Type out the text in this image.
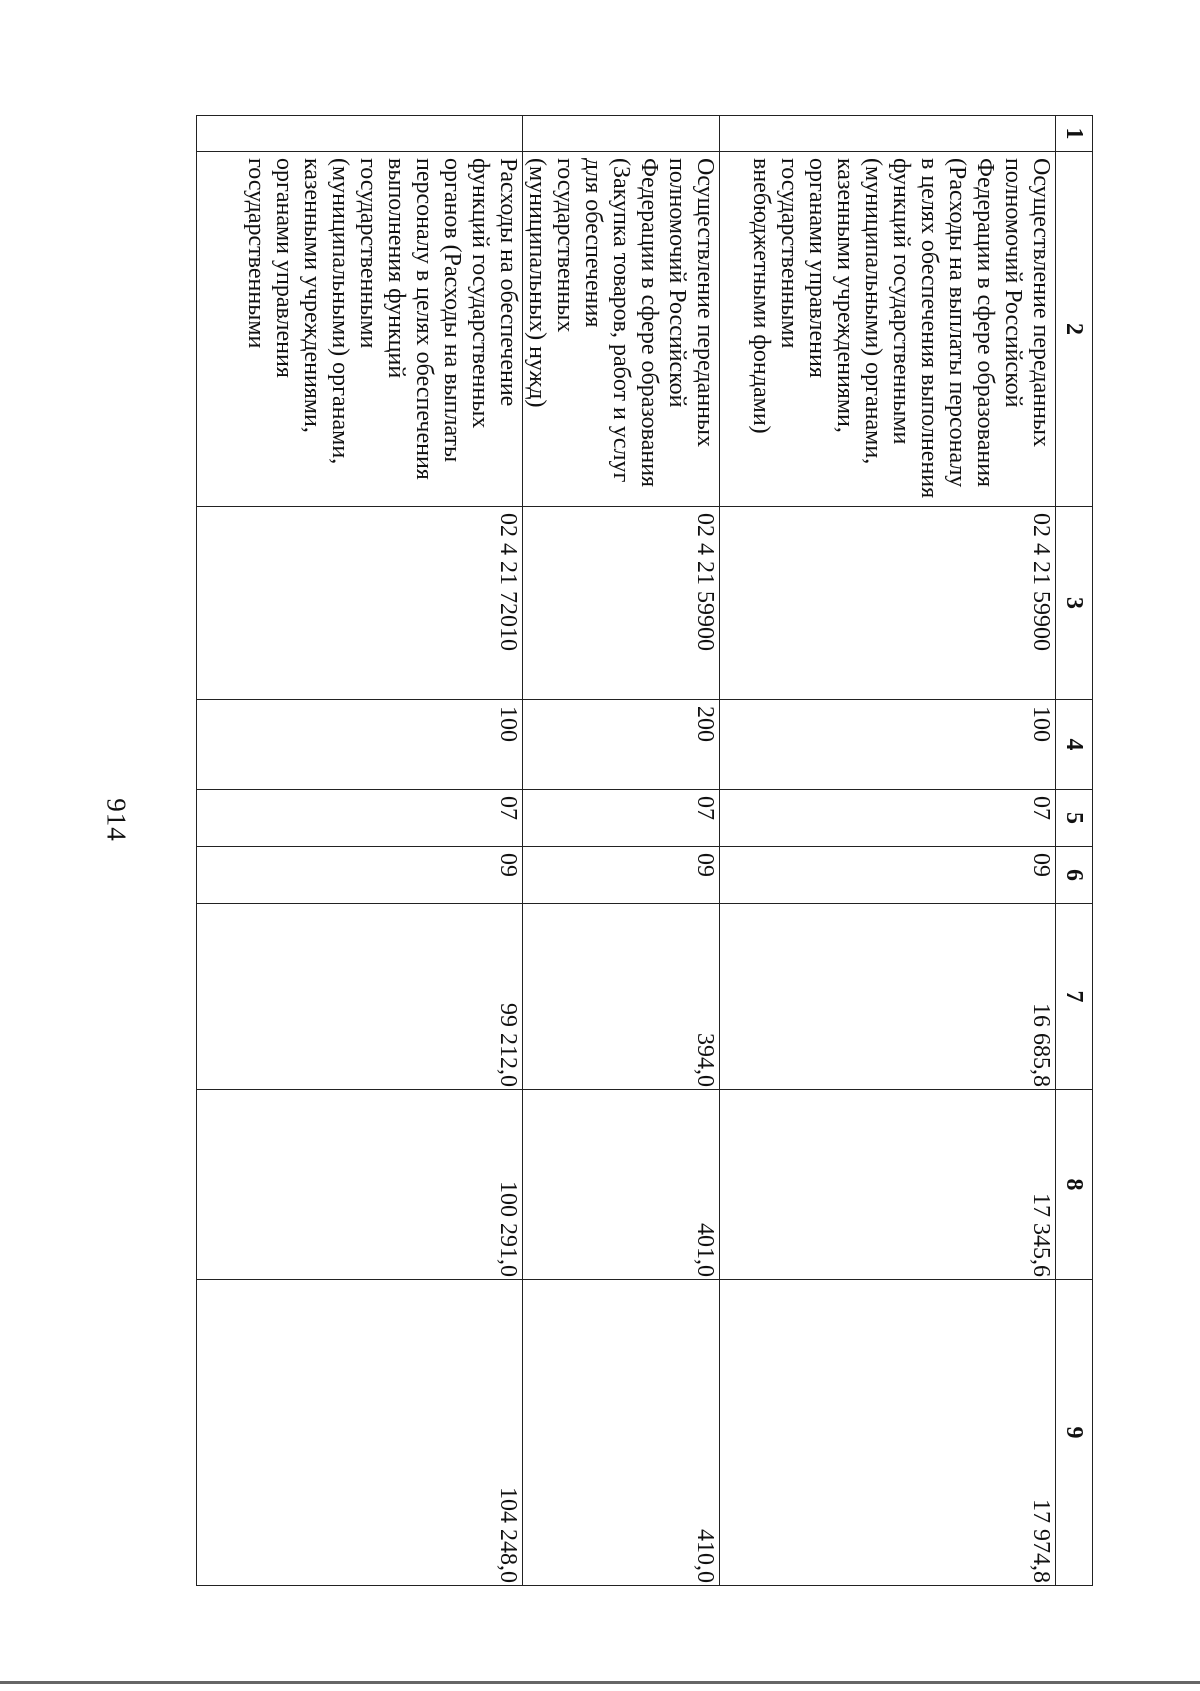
914
1	2	3	4	5	6	7	8	9
	Осуществление переданных полномочий Российской Федерации в сфере образования (Расходы на выплаты персоналу в целях обеспечения выполнения функций государственными (муниципальными) органами, казенными учреждениями, органами управления государственными внебюджетными фондами)	02 4 21 59900	100	07	09	16 685,8	17 345,6	17 974,8
	Осуществление переданных полномочий Российской Федерации в сфере образования (Закупка товаров, работ и услуг для обеспечения государственных (муниципальных) нужд)	02 4 21 59900	200	07	09	394,0	401,0	410,0
	Расходы на обеспечение функций государственных органов (Расходы на выплаты персоналу в целях обеспечения выполнения функций государственными (муниципальными) органами, казенными учреждениями, органами управления государственными	02 4 21 72010	100	07	09	99 212,0	100 291,0	104 248,0
